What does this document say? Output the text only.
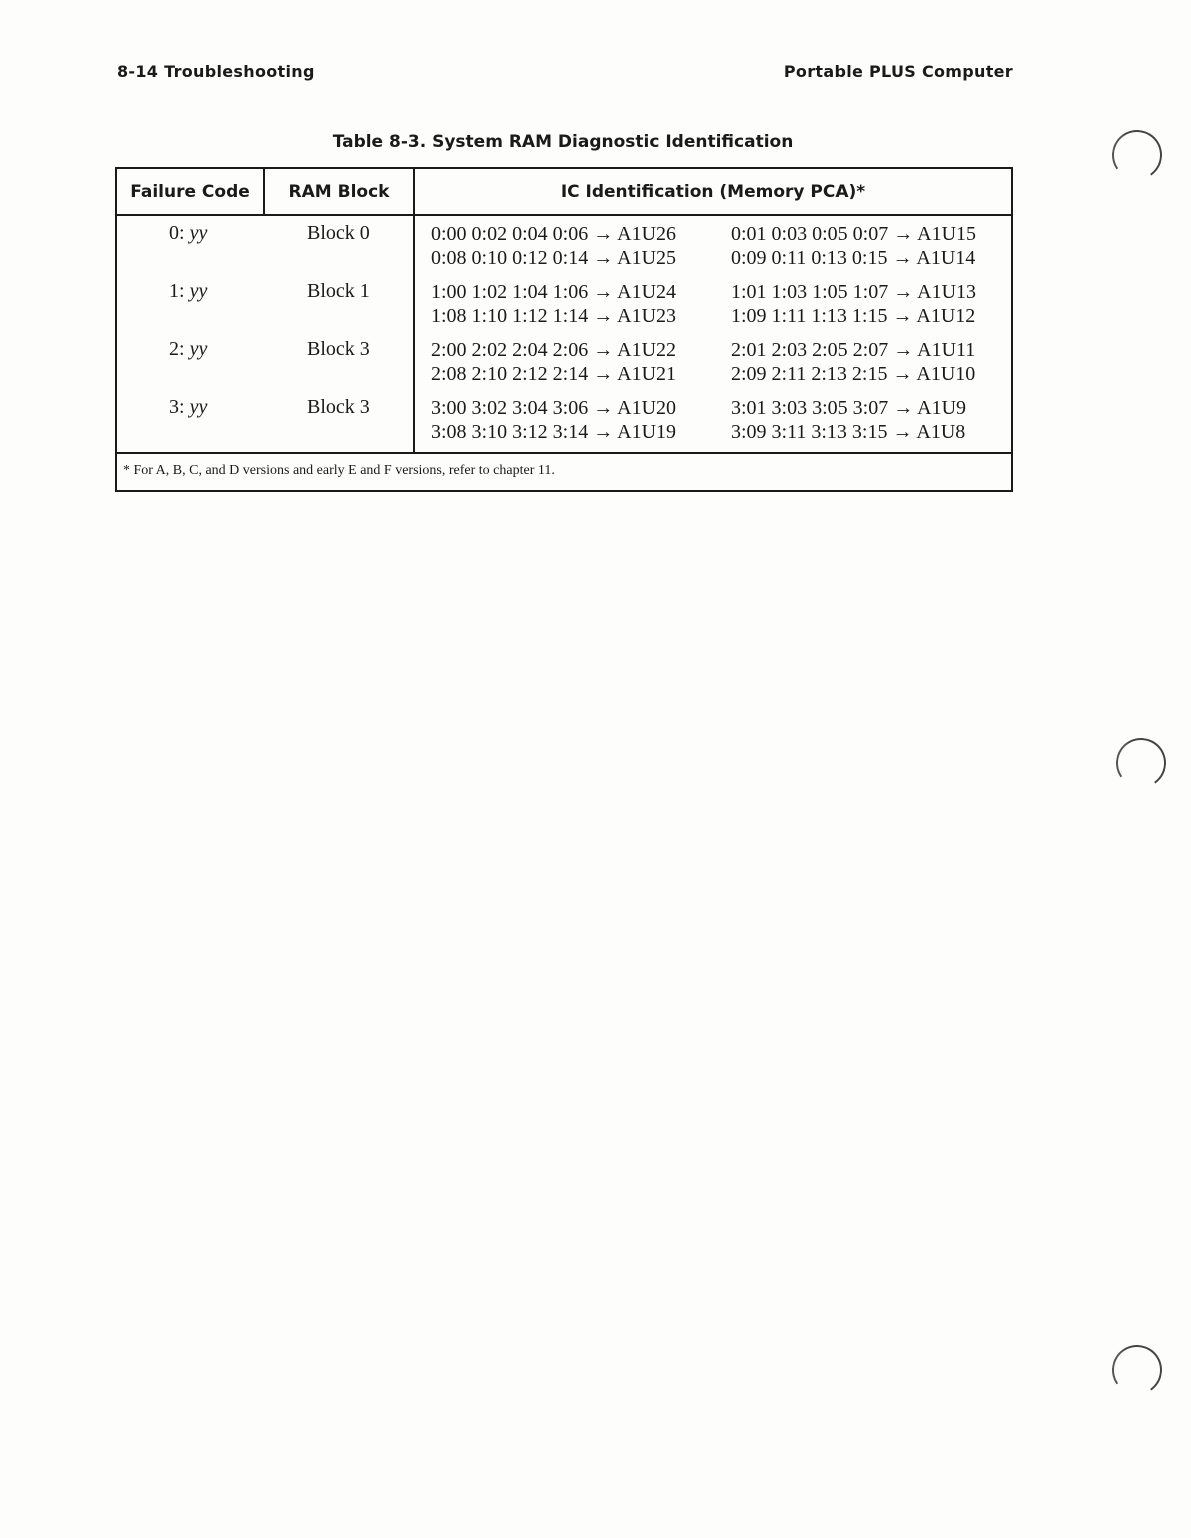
8-14 Troubleshooting	Portable PLUS Computer
Table 8-3. System RAM Diagnostic Identification
Failure Code	RAM Block	IC Identification (Memory PCA)*
0: yy	Block 0	0:00 0:02 0:04 0:06 → A1U26
0:08 0:10 0:12 0:14 → A1U25
0:01 0:03 0:05 0:07 → A1U15
0:09 0:11 0:13 0:15 → A1U14
1: yy	Block 1	1:00 1:02 1:04 1:06 → A1U24
1:08 1:10 1:12 1:14 → A1U23
1:01 1:03 1:05 1:07 → A1U13
1:09 1:11 1:13 1:15 → A1U12
2: yy	Block 3	2:00 2:02 2:04 2:06 → A1U22
2:08 2:10 2:12 2:14 → A1U21
2:01 2:03 2:05 2:07 → A1U11
2:09 2:11 2:13 2:15 → A1U10
3: yy	Block 3	3:00 3:02 3:04 3:06 → A1U20
3:08 3:10 3:12 3:14 → A1U19
3:01 3:03 3:05 3:07 → A1U9
3:09 3:11 3:13 3:15 → A1U8
* For A, B, C, and D versions and early E and F versions, refer to chapter 11.
